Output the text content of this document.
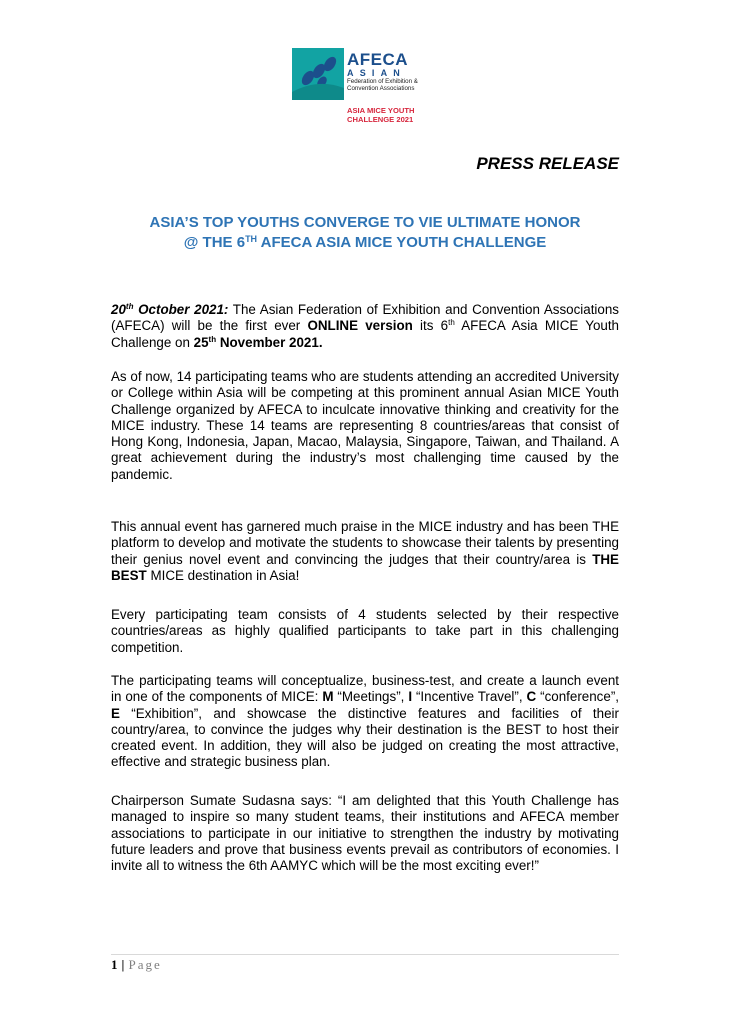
AFECA
ASIAN
Federation of Exhibition &
Convention Associations
ASIA MICE YOUTH
CHALLENGE 2021
PRESS RELEASE
ASIA’S TOP YOUTHS CONVERGE TO VIE ULTIMATE HONOR
@ THE 6TH AFECA ASIA MICE YOUTH CHALLENGE

20th October 2021: The Asian Federation of Exhibition and Convention Associations (AFECA) will be the first ever ONLINE version its 6th AFECA Asia MICE Youth Challenge on 25th November 2021.

As of now, 14 participating teams who are students attending an accredited University or College within Asia will be competing at this prominent annual Asian MICE Youth Challenge organized by AFECA to inculcate innovative thinking and creativity for the MICE industry. These 14 teams are representing 8 countries/areas that consist of Hong Kong, Indonesia, Japan, Macao, Malaysia, Singapore, Taiwan, and Thailand. A great achievement during the industry’s most challenging time caused by the pandemic.

This annual event has garnered much praise in the MICE industry and has been THE platform to develop and motivate the students to showcase their talents by presenting their genius novel event and convincing the judges that their country/area is THE BEST MICE destination in Asia!

Every participating team consists of 4 students selected by their respective countries/areas as highly qualified participants to take part in this challenging competition.

The participating teams will conceptualize, business-test, and create a launch event in one of the components of MICE: M “Meetings”, I “Incentive Travel”, C “conference”, E “Exhibition”, and showcase the distinctive features and facilities of their country/area, to convince the judges why their destination is the BEST to host their created event. In addition, they will also be judged on creating the most attractive, effective and strategic business plan.

Chairperson Sumate Sudasna says: “I am delighted that this Youth Challenge has managed to inspire so many student teams, their institutions and AFECA member associations to participate in our initiative to strengthen the industry by motivating future leaders and prove that business events prevail as contributors of economies. I invite all to witness the 6th AAMYC which will be the most exciting ever!”

1 | Page
